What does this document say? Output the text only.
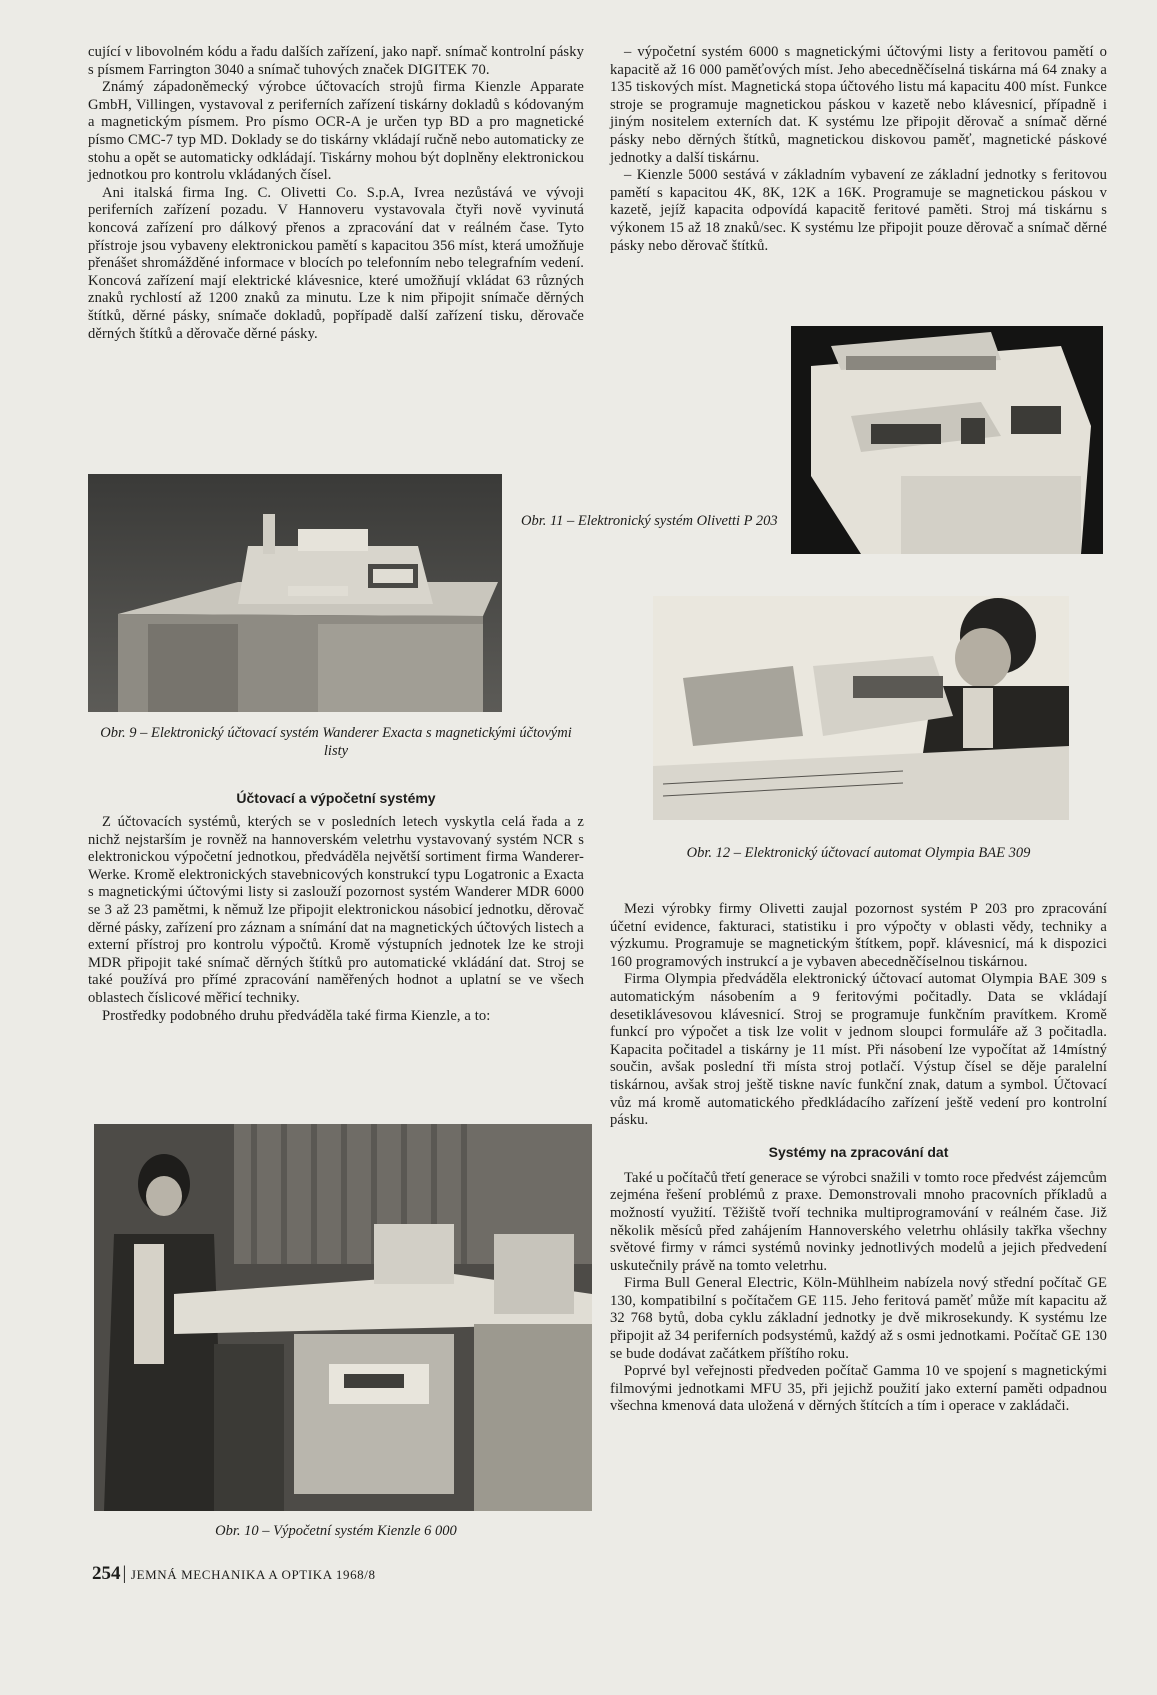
cující v libovolném kódu a řadu dalších zařízení, jako např. snímač kontrolní pásky s písmem Farrington 3040 a snímač tuhových značek DIGITEK 70.

Známý západoněmecký výrobce účtovacích strojů firma Kienzle Apparate GmbH, Villingen, vystavoval z periferních zařízení tiskárny dokladů s kódovaným a magnetickým písmem. Pro písmo OCR-A je určen typ BD a pro magnetické písmo CMC-7 typ MD. Doklady se do tiskárny vkládají ručně nebo automaticky ze stohu a opět se automaticky odkládají. Tiskárny mohou být doplněny elektronickou jednotkou pro kontrolu vkládaných čísel.

Ani italská firma Ing. C. Olivetti Co. S.p.A, Ivrea nezůstává ve vývoji periferních zařízení pozadu. V Hannoveru vystavovala čtyři nově vyvinutá koncová zařízení pro dálkový přenos a zpracování dat v reálném čase. Tyto přístroje jsou vybaveny elektronickou pamětí s kapacitou 356 míst, která umožňuje přenášet shromážděné informace v blocích po telefonním nebo telegrafním vedení. Koncová zařízení mají elektrické klávesnice, které umožňují vkládat 63 různých znaků rychlostí až 1200 znaků za minutu. Lze k nim připojit snímače děrných štítků, děrné pásky, snímače dokladů, popřípadě další zařízení tisku, děrovače děrných štítků a děrovače děrné pásky.

Obr. 9 – Elektronický účtovací systém Wanderer Exacta s magnetickými účtovými listy

Účtovací a výpočetní systémy

Z účtovacích systémů, kterých se v posledních letech vyskytla celá řada a z nichž nejstarším je rovněž na hannoverském veletrhu vystavovaný systém NCR s elektronickou výpočetní jednotkou, předváděla největší sortiment firma Wanderer-Werke. Kromě elektronických stavebnicových konstrukcí typu Logatronic a Exacta s magnetickými účtovými listy si zaslouží pozornost systém Wanderer MDR 6000 se 3 až 23 pamětmi, k němuž lze připojit elektronickou násobicí jednotku, děrovač děrné pásky, zařízení pro záznam a snímání dat na magnetických účtových listech a externí přístroj pro kontrolu výpočtů. Kromě výstupních jednotek lze ke stroji MDR připojit také snímač děrných štítků pro automatické vkládání dat. Stroj se také používá pro přímé zpracování naměřených hodnot a uplatní se ve všech oblastech číslicové měřicí techniky.

Prostředky podobného druhu předváděla také firma Kienzle, a to:

Obr. 10 – Výpočetní systém Kienzle 6 000

– výpočetní systém 6000 s magnetickými účtovými listy a feritovou pamětí o kapacitě až 16 000 paměťových míst. Jeho abecedněčíselná tiskárna má 64 znaky a 135 tiskových míst. Magnetická stopa účtového listu má kapacitu 400 míst. Funkce stroje se programuje magnetickou páskou v kazetě nebo klávesnicí, případně i jiným nositelem externích dat. K systému lze připojit děrovač a snímač děrné pásky nebo děrných štítků, magnetickou diskovou paměť, magnetické páskové jednotky a další tiskárnu.

– Kienzle 5000 sestává v základním vybavení ze základní jednotky s feritovou pamětí s kapacitou 4K, 8K, 12K a 16K. Programuje se magnetickou páskou v kazetě, jejíž kapacita odpovídá kapacitě feritové paměti. Stroj má tiskárnu s výkonem 15 až 18 znaků/sec. K systému lze připojit pouze děrovač a snímač děrné pásky nebo děrovač štítků.

Obr. 11 – Elektronický systém Olivetti P 203
Obr. 12 – Elektronický účtovací automat Olympia BAE 309

Mezi výrobky firmy Olivetti zaujal pozornost systém P 203 pro zpracování účetní evidence, fakturaci, statistiku i pro výpočty v oblasti vědy, techniky a výzkumu. Programuje se magnetickým štítkem, popř. klávesnicí, má k dispozici 160 programových instrukcí a je vybaven abecedněčíselnou tiskárnou.

Firma Olympia předváděla elektronický účtovací automat Olympia BAE 309 s automatickým násobením a 9 feritovými počitadly. Data se vkládají desetiklávesovou klávesnicí. Stroj se programuje funkčním pravítkem. Kromě funkcí pro výpočet a tisk lze volit v jednom sloupci formuláře až 3 počitadla. Kapacita počitadel a tiskárny je 11 míst. Při násobení lze vypočítat až 14místný součin, avšak poslední tři místa stroj potlačí. Výstup čísel se děje paralelní tiskárnou, avšak stroj ještě tiskne navíc funkční znak, datum a symbol. Účtovací vůz má kromě automatického předkládacího zařízení ještě vedení pro kontrolní pásku.

Systémy na zpracování dat

Také u počítačů třetí generace se výrobci snažili v tomto roce předvést zájemcům zejména řešení problémů z praxe. Demonstrovali mnoho pracovních příkladů a možností využití. Těžiště tvoří technika multiprogramování v reálném čase. Již několik měsíců před zahájením Hannoverského veletrhu ohlásily takřka všechny světové firmy v rámci systémů novinky jednotlivých modelů a jejich předvedení uskutečnily právě na tomto veletrhu.

Firma Bull General Electric, Köln-Mühlheim nabízela nový střední počítač GE 130, kompatibilní s počítačem GE 115. Jeho feritová paměť může mít kapacitu až 32 768 bytů, doba cyklu základní jednotky je dvě mikrosekundy. K systému lze připojit až 34 periferních podsystémů, každý až s osmi jednotkami. Počítač GE 130 se bude dodávat začátkem příštího roku.

Poprvé byl veřejnosti předveden počítač Gamma 10 ve spojení s magnetickými filmovými jednotkami MFU 35, při jejichž použití jako externí paměti odpadnou všechna kmenová data uložená v děrných štítcích a tím i operace v zakládači.

254 | JEMNÁ MECHANIKA A OPTIKA 1968/8
